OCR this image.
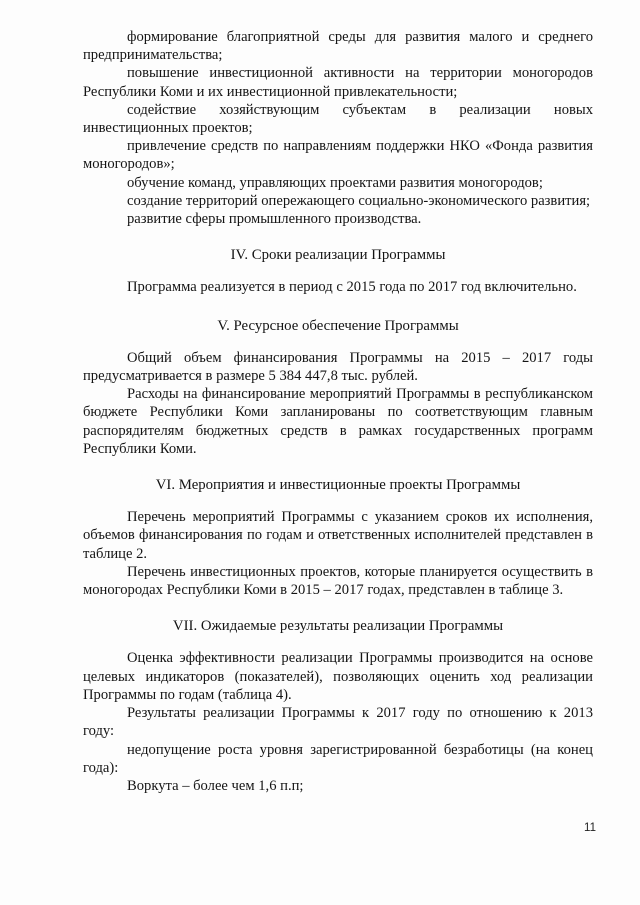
формирование благоприятной среды для развития малого и среднего предпринимательства;

повышение инвестиционной активности на территории моногородов Республики Коми и их инвестиционной привлекательности;

содействие хозяйствующим субъектам в реализации новых инвестиционных проектов;

привлечение средств по направлениям поддержки НКО «Фонда развития моногородов»;

обучение команд, управляющих проектами развития моногородов;

создание территорий опережающего социально-экономического развития;

развитие сферы промышленного производства.

IV. Сроки реализации Программы

Программа реализуется в период с 2015 года по 2017 год включительно.

V. Ресурсное обеспечение Программы

Общий объем финансирования Программы на 2015 – 2017 годы предусматривается в размере 5 384 447,8 тыс. рублей.

Расходы на финансирование мероприятий Программы в республиканском бюджете Республики Коми запланированы по соответствующим главным распорядителям бюджетных средств в рамках государственных программ Республики Коми.

VI. Мероприятия и инвестиционные проекты Программы

Перечень мероприятий Программы с указанием сроков их исполнения, объемов финансирования по годам и ответственных исполнителей представлен в таблице 2.

Перечень инвестиционных проектов, которые планируется осуществить в моногородах Республики Коми в 2015 – 2017 годах, представлен в таблице 3.

VII. Ожидаемые результаты реализации Программы

Оценка эффективности реализации Программы производится на основе целевых индикаторов (показателей), позволяющих оценить ход реализации Программы по годам (таблица 4).

Результаты реализации Программы к 2017 году по отношению к 2013 году:

недопущение роста уровня зарегистрированной безработицы (на конец года):

Воркута – более чем 1,6 п.п;

11
